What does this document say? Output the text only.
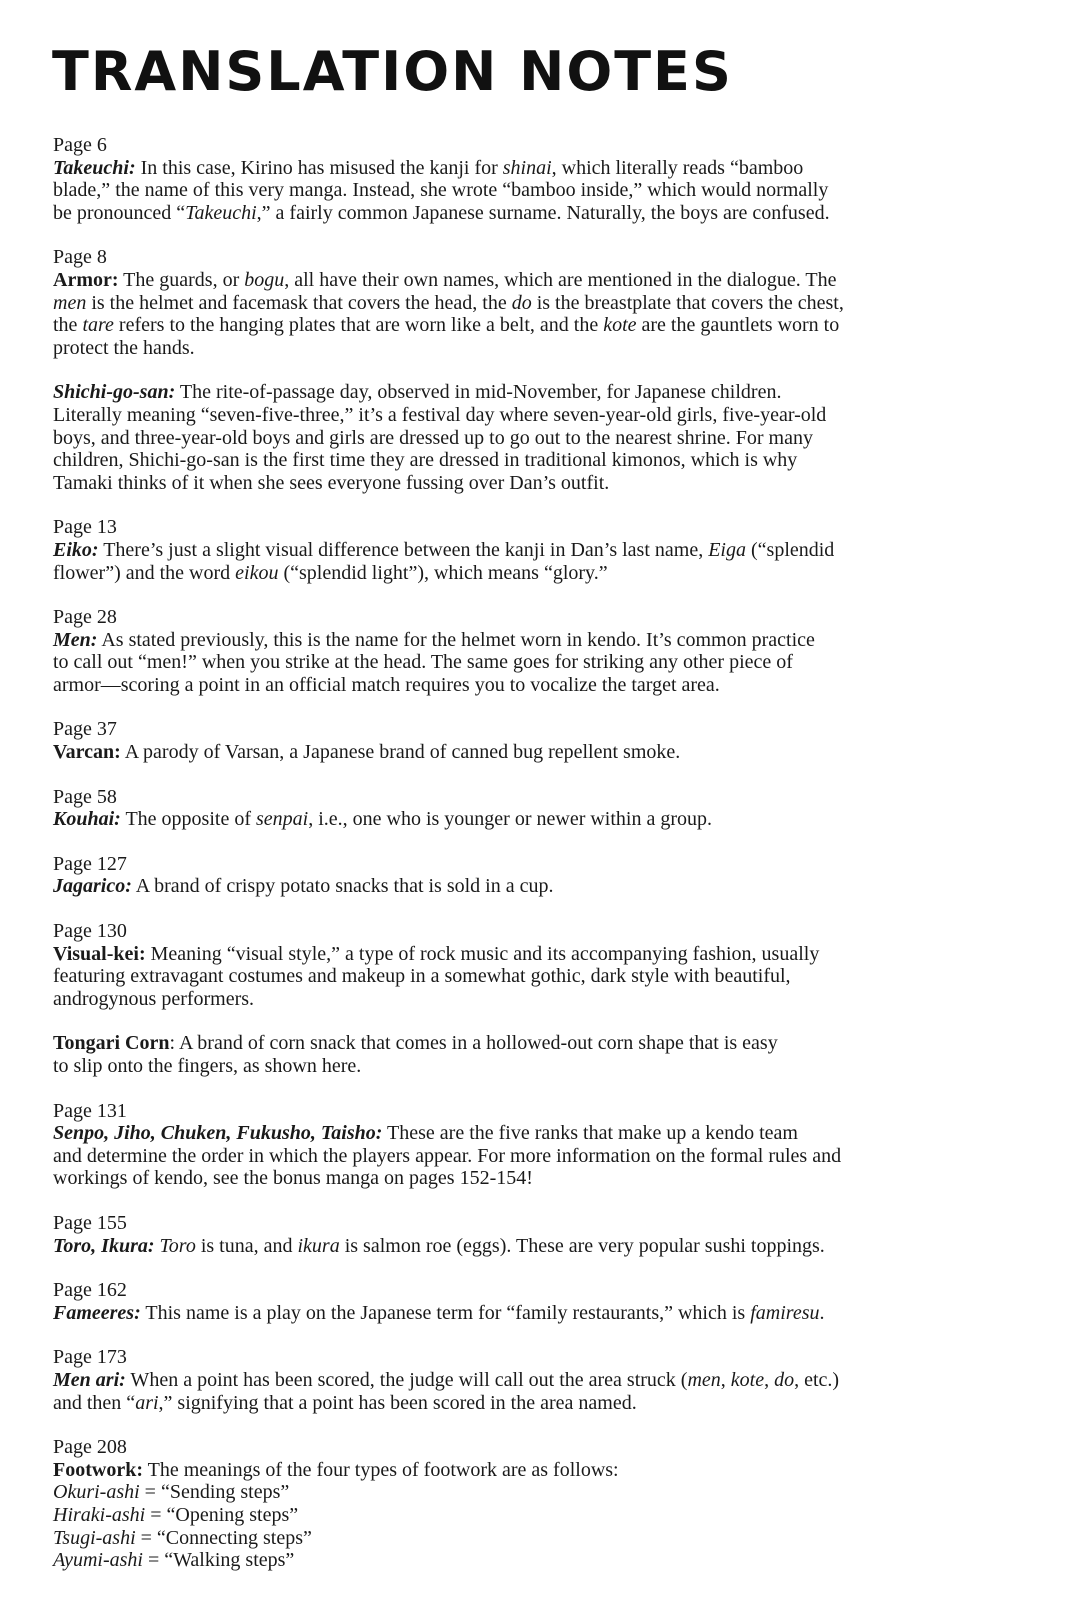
TRANSLATION NOTES
Page 6
Takeuchi: In this case, Kirino has misused the kanji for shinai, which literally reads “bamboo
blade,” the name of this very manga. Instead, she wrote “bamboo inside,” which would normally
be pronounced “Takeuchi,” a fairly common Japanese surname. Naturally, the boys are confused.
Page 8
Armor: The guards, or bogu, all have their own names, which are mentioned in the dialogue. The
men is the helmet and facemask that covers the head, the do is the breastplate that covers the chest,
the tare refers to the hanging plates that are worn like a belt, and the kote are the gauntlets worn to
protect the hands.
Shichi-go-san: The rite-of-passage day, observed in mid-November, for Japanese children.
Literally meaning “seven-five-three,” it’s a festival day where seven-year-old girls, five-year-old
boys, and three-year-old boys and girls are dressed up to go out to the nearest shrine. For many
children, Shichi-go-san is the first time they are dressed in traditional kimonos, which is why
Tamaki thinks of it when she sees everyone fussing over Dan’s outfit.
Page 13
Eiko: There’s just a slight visual difference between the kanji in Dan’s last name, Eiga (“splendid
flower”) and the word eikou (“splendid light”), which means “glory.”
Page 28
Men: As stated previously, this is the name for the helmet worn in kendo. It’s common practice
to call out “men!” when you strike at the head. The same goes for striking any other piece of
armor—scoring a point in an official match requires you to vocalize the target area.
Page 37
Varcan: A parody of Varsan, a Japanese brand of canned bug repellent smoke.
Page 58
Kouhai: The opposite of senpai, i.e., one who is younger or newer within a group.
Page 127
Jagarico: A brand of crispy potato snacks that is sold in a cup.
Page 130
Visual-kei: Meaning “visual style,” a type of rock music and its accompanying fashion, usually
featuring extravagant costumes and makeup in a somewhat gothic, dark style with beautiful,
androgynous performers.
Tongari Corn: A brand of corn snack that comes in a hollowed-out corn shape that is easy
to slip onto the fingers, as shown here.
Page 131
Senpo, Jiho, Chuken, Fukusho, Taisho: These are the five ranks that make up a kendo team
and determine the order in which the players appear. For more information on the formal rules and
workings of kendo, see the bonus manga on pages 152-154!
Page 155
Toro, Ikura: Toro is tuna, and ikura is salmon roe (eggs). These are very popular sushi toppings.
Page 162
Fameeres: This name is a play on the Japanese term for “family restaurants,” which is famiresu.
Page 173
Men ari: When a point has been scored, the judge will call out the area struck (men, kote, do, etc.)
and then “ari,” signifying that a point has been scored in the area named.
Page 208
Footwork: The meanings of the four types of footwork are as follows:
Okuri-ashi = “Sending steps”
Hiraki-ashi = “Opening steps”
Tsugi-ashi = “Connecting steps”
Ayumi-ashi = “Walking steps”
